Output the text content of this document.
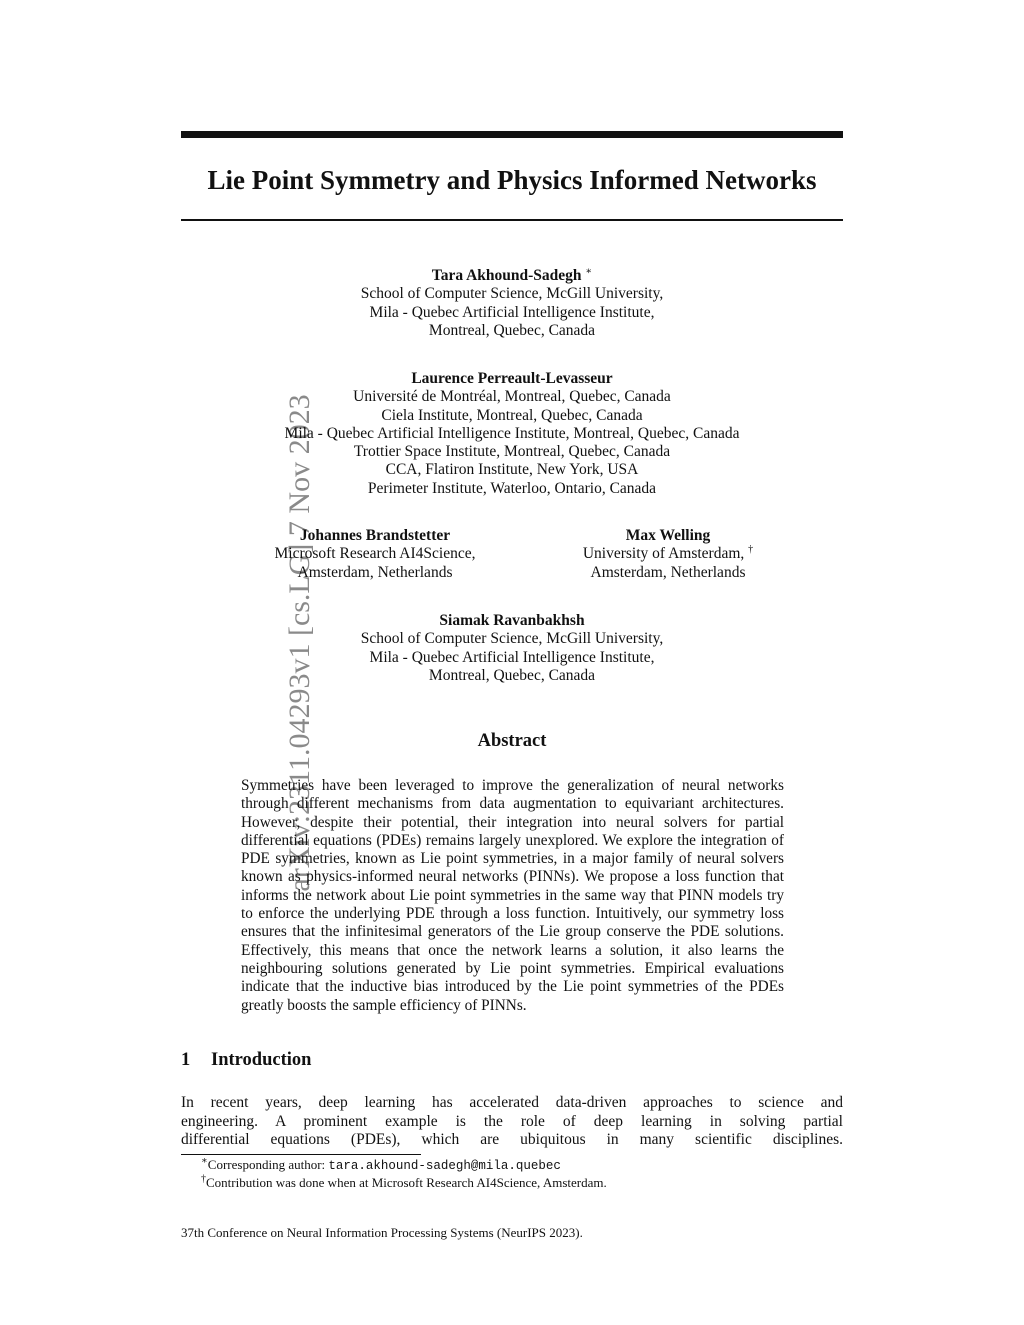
arXiv:2311.04293v1 [cs.LG] 7 Nov 2023
Lie Point Symmetry and Physics Informed Networks
Tara Akhound-Sadegh ∗
School of Computer Science, McGill University,
Mila - Quebec Artificial Intelligence Institute,
Montreal, Quebec, Canada
Laurence Perreault-Levasseur
Université de Montréal, Montreal, Quebec, Canada
Ciela Institute, Montreal, Quebec, Canada
Mila - Quebec Artificial Intelligence Institute, Montreal, Quebec, Canada
Trottier Space Institute, Montreal, Quebec, Canada
CCA, Flatiron Institute, New York, USA
Perimeter Institute, Waterloo, Ontario, Canada
Johannes Brandstetter
Microsoft Research AI4Science,
Amsterdam, Netherlands
Max Welling
University of Amsterdam, †
Amsterdam, Netherlands
Siamak Ravanbakhsh
School of Computer Science, McGill University,
Mila - Quebec Artificial Intelligence Institute,
Montreal, Quebec, Canada
Abstract
Symmetries have been leveraged to improve the generalization of neural networks through different mechanisms from data augmentation to equivariant architectures. However, despite their potential, their integration into neural solvers for partial differential equations (PDEs) remains largely unexplored. We explore the integration of PDE symmetries, known as Lie point symmetries, in a major family of neural solvers known as physics-informed neural networks (PINNs). We propose a loss function that informs the network about Lie point symmetries in the same way that PINN models try to enforce the underlying PDE through a loss function. Intuitively, our symmetry loss ensures that the infinitesimal generators of the Lie group conserve the PDE solutions. Effectively, this means that once the network learns a solution, it also learns the neighbouring solutions generated by Lie point symmetries. Empirical evaluations indicate that the inductive bias introduced by the Lie point symmetries of the PDEs greatly boosts the sample efficiency of PINNs.
1 Introduction
In recent years, deep learning has accelerated data-driven approaches to science and
engineering. A prominent example is the role of deep learning in solving partial
differential equations (PDEs), which are ubiquitous in many scientific disciplines.
∗Corresponding author: tara.akhound-sadegh@mila.quebec
†Contribution was done when at Microsoft Research AI4Science, Amsterdam.
37th Conference on Neural Information Processing Systems (NeurIPS 2023).
